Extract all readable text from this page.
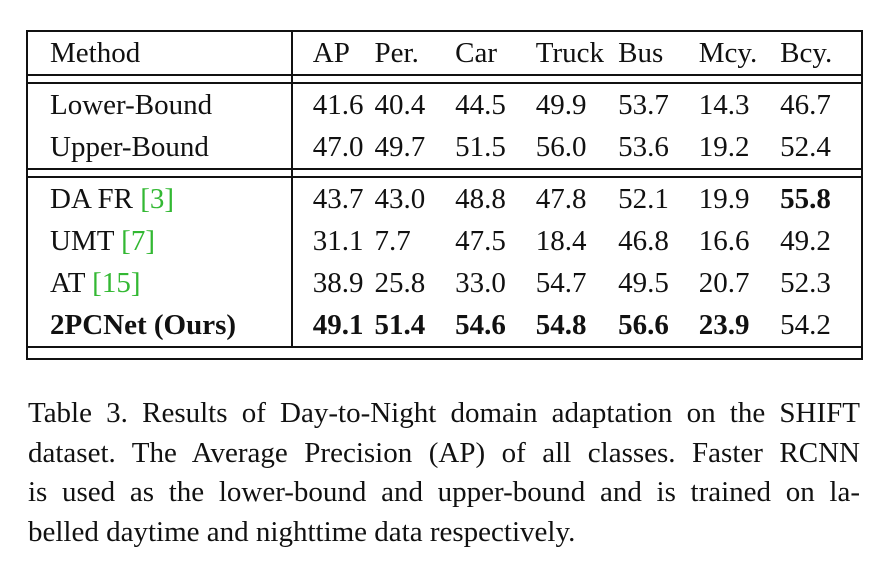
Method	AP	Per.	Car	Truck	Bus	Mcy.	Bcy.

Lower-Bound	41.6	40.4	44.5	49.9	53.7	14.3	46.7
Upper-Bound	47.0	49.7	51.5	56.0	53.6	19.2	52.4

DA FR [3]	43.7	43.0	48.8	47.8	52.1	19.9	55.8
UMT [7]	31.1	7.7	47.5	18.4	46.8	16.6	49.2
AT [15]	38.9	25.8	33.0	54.7	49.5	20.7	52.3
2PCNet (Ours)	49.1	51.4	54.6	54.8	56.6	23.9	54.2

Table 3. Results of Day-to-Night domain adaptation on the SHIFT
dataset. The Average Precision (AP) of all classes. Faster RCNN
is used as the lower-bound and upper-bound and is trained on la-
belled daytime and nighttime data respectively.
